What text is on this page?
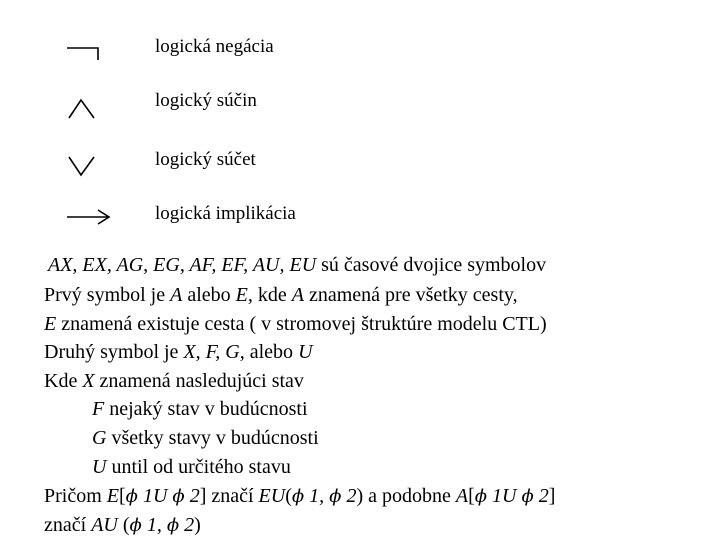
logická negácia
logický súčin
logický súčet
logická implikácia
AX, EX, AG, EG, AF, EF, AU, EU sú časové dvojice symbolov
Prvý symbol je A alebo E, kde A znamená pre všetky cesty,
E znamená existuje cesta ( v stromovej štruktúre modelu CTL)
Druhý symbol je X, F, G, alebo U
Kde X znamená nasledujúci stav
F nejaký stav v budúcnosti
G všetky stavy v budúcnosti
U until od určitého stavu
Pričom E[ϕ 1U ϕ 2] značí EU(ϕ 1, ϕ 2) a podobne A[ϕ 1U ϕ 2]
značí AU (ϕ 1, ϕ 2)
